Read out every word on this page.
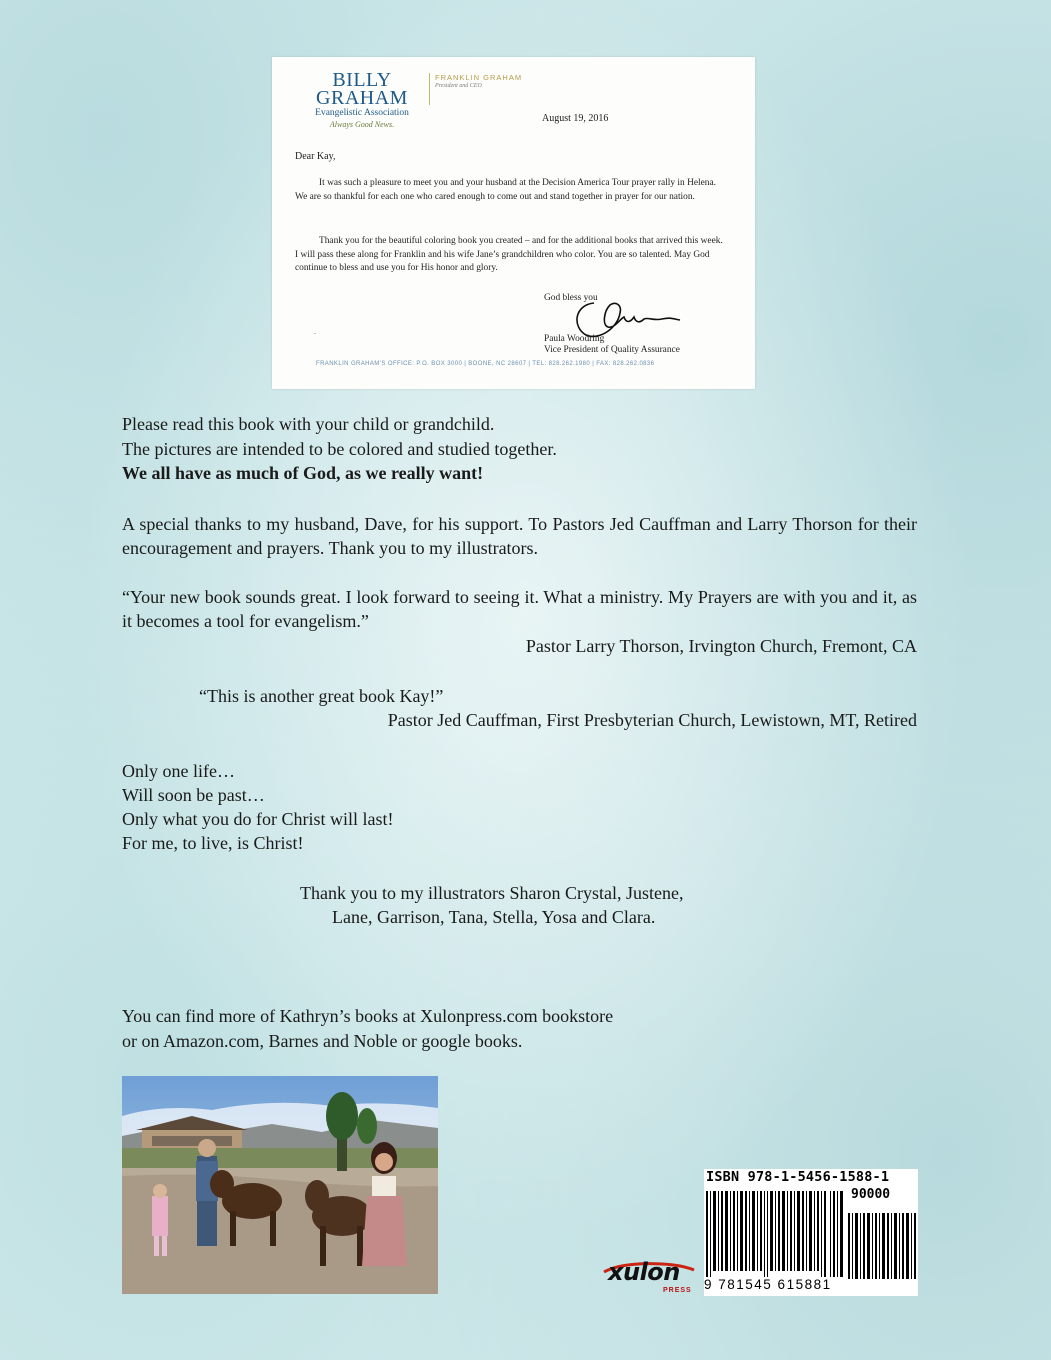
BILLY
GRAHAM
Evangelistic Association
Always Good News.
FRANKLIN GRAHAM
President and CEO
August 19, 2016
Dear Kay,

It was such a pleasure to meet you and your husband at the Decision America Tour prayer rally in Helena. We are so thankful for each one who cared enough to come out and stand together in prayer for our nation.

Thank you for the beautiful coloring book you created – and for the additional books that arrived this week. I will pass these along for Franklin and his wife Jane’s grandchildren who color. You are so talented. May God continue to bless and use you for His honor and glory.

God bless you
Paula Woodring
Vice President of Quality Assurance
.
FRANKLIN GRAHAM’S OFFICE: P.O. BOX 3000 | BOONE, NC 28607 | TEL: 828.262.1980 | FAX: 828.262.0836

Please read this book with your child or grandchild.

The pictures are intended to be colored and studied together.

We all have as much of God, as we really want!

A special thanks to my husband, Dave, for his support. To Pastors Jed Cauffman and Larry Thorson for their encouragement and prayers. Thank you to my illustrators.

“Your new book sounds great. I look forward to seeing it. What a ministry. My Prayers are with you and it, as it becomes a tool for evangelism.”

Pastor Larry Thorson, Irvington Church, Fremont, CA

“This is another great book Kay!”

Pastor Jed Cauffman, First Presbyterian Church, Lewistown, MT, Retired

Only one life…

Will soon be past…

Only what you do for Christ will last!

For me, to live, is Christ!

Thank you to my illustrators Sharon Crystal, Justene,

Lane, Garrison, Tana, Stella, Yosa and Clara.

You can find more of Kathryn’s books at Xulonpress.com bookstore

or on Amazon.com, Barnes and Noble or google books.

ISBN 978-1-5456-1588-1
90000
9 781545 615881
xulon
PRESS
